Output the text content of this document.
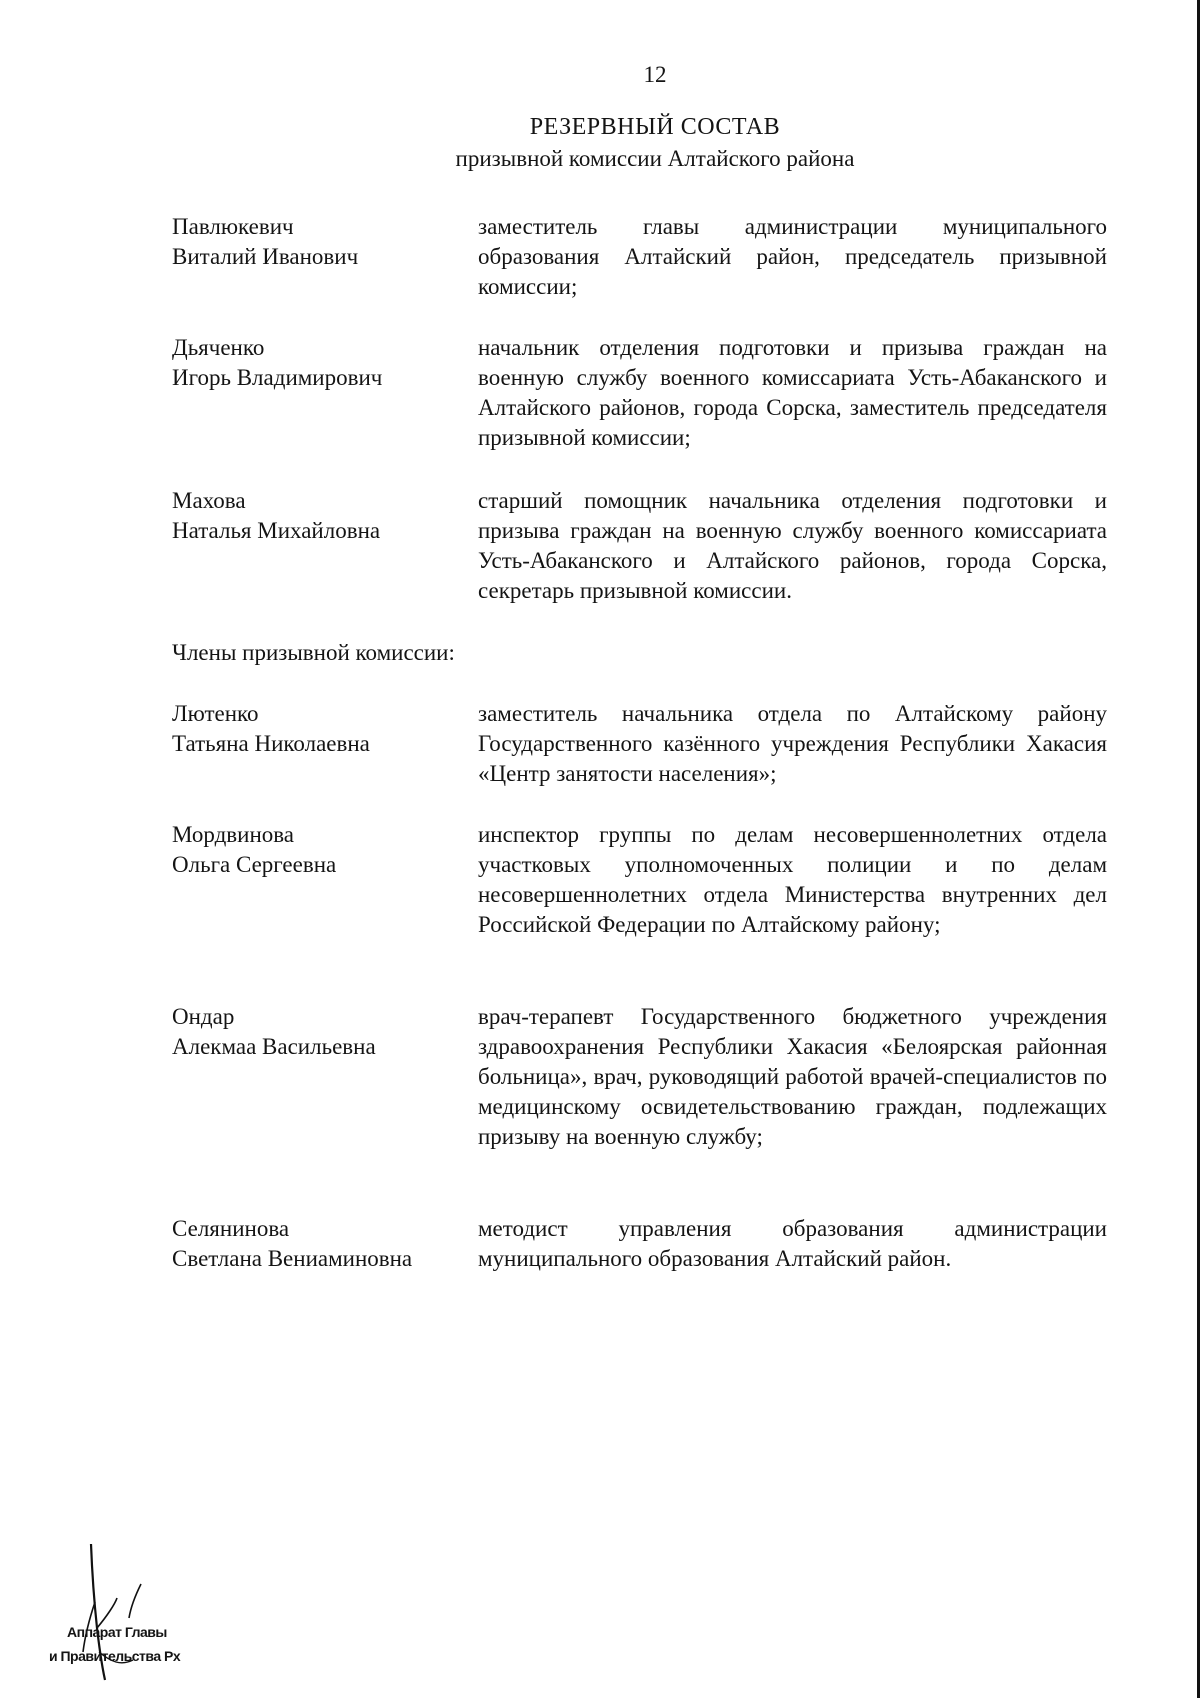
12
РЕЗЕРВНЫЙ СОСТАВ
призывной комиссии Алтайского района
Павлюкевич
Виталий Иванович
заместитель главы администрации муниципального образования Алтайский район, председатель призывной комиссии;
Дьяченко
Игорь Владимирович
начальник отделения подготовки и призыва граждан на военную службу военного комиссариата Усть-Абаканского и Алтайского районов, города Сорска, заместитель председателя призывной комиссии;
Махова
Наталья Михайловна
старший помощник начальника отделения подготовки и призыва граждан на военную службу военного комиссариата Усть-Абаканского и Алтайского районов, города Сорска, секретарь призывной комиссии.
Члены призывной комиссии:
Лютенко
Татьяна Николаевна
заместитель начальника отдела по Алтайскому району Государственного казённого учреждения Республики Хакасия «Центр занятости населения»;
Мордвинова
Ольга Сергеевна
инспектор группы по делам несовершеннолетних отдела участковых уполномоченных полиции и по делам несовершеннолетних отдела Министерства внутренних дел Российской Федерации по Алтайскому району;
Ондар
Алекмаа Васильевна
врач-терапевт Государственного бюджетного учреждения здравоохранения Республики Хакасия «Белоярская районная больница», врач, руководящий работой врачей-специалистов по медицинскому освидетельствованию граждан, подлежащих призыву на военную службу;
Селянинова
Светлана Вениаминовна
методист управления образования администрации муниципального образования Алтайский район.
Аппарат Главы
и Правительства Рх
